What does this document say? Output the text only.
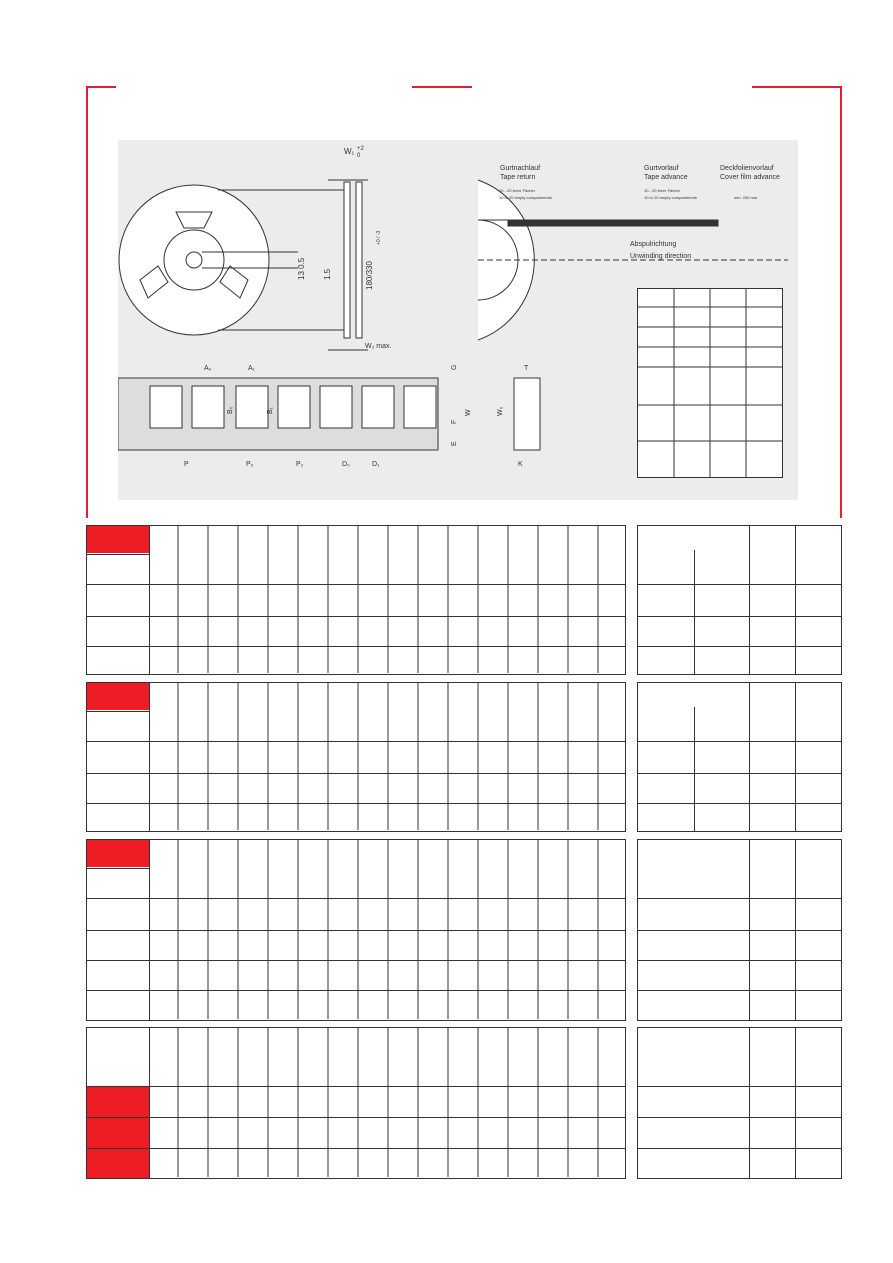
W₁ +2
0
13 0.5 1.5	180/330
+0 / -3
W₂ max.
Gurtnachlauf
Tape return
10 - 20 leere Fächer
10 to 20 empty compartments
Gurtvorlauf
Tape advance
10 - 20 leere Fächer
10 to 20 empty compartments
Deckfolienvorlauf
Cover film advance
min. 200 mm
Abspulrichtung
Unwinding direction
A₀	A₁
B₀	B₁
G	T
E
F
W	W₀
P	P₀	P₂	D₀	D₁	K
